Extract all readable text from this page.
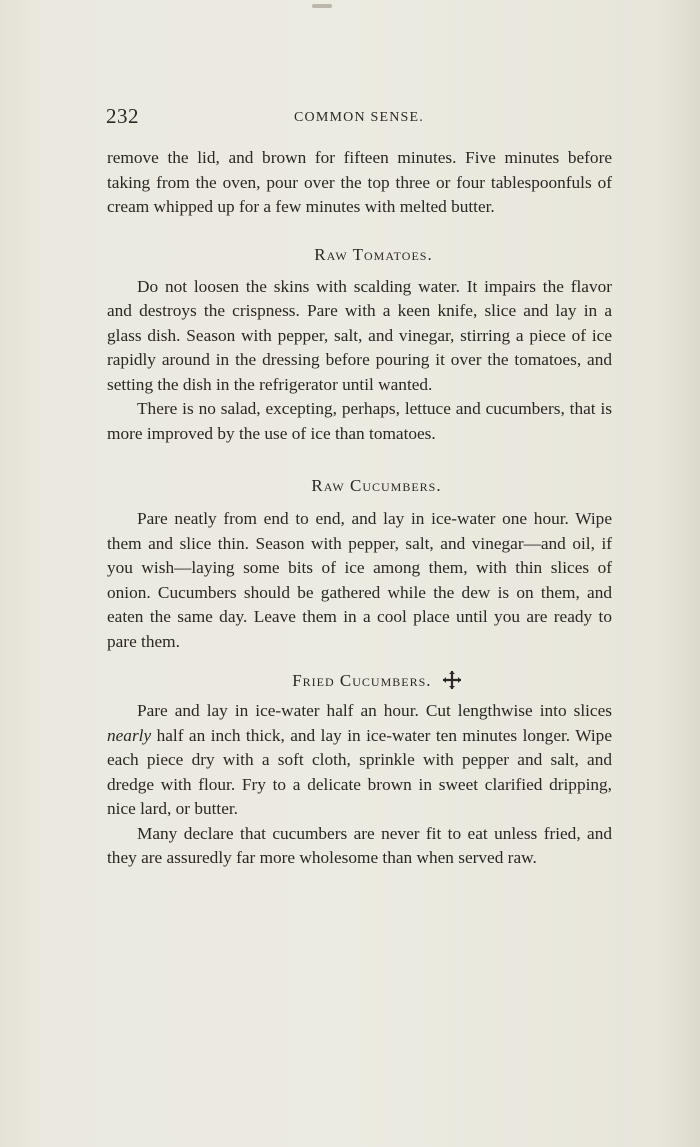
232	COMMON SENSE.

remove the lid, and brown for fifteen minutes. Five minutes before taking from the oven, pour over the top three or four tablespoonfuls of cream whipped up for a few minutes with melted butter.

Raw Tomatoes.

Do not loosen the skins with scalding water. It impairs the flavor and destroys the crispness. Pare with a keen knife, slice and lay in a glass dish. Season with pepper, salt, and vinegar, stirring a piece of ice rapidly around in the dressing before pouring it over the tomatoes, and setting the dish in the refrigerator until wanted.

There is no salad, excepting, perhaps, lettuce and cucumbers, that is more improved by the use of ice than tomatoes.

Raw Cucumbers.

Pare neatly from end to end, and lay in ice-water one hour. Wipe them and slice thin. Season with pepper, salt, and vinegar—and oil, if you wish—laying some bits of ice among them, with thin slices of onion. Cucumbers should be gathered while the dew is on them, and eaten the same day. Leave them in a cool place until you are ready to pare them.

Fried Cucumbers.

Pare and lay in ice-water half an hour. Cut lengthwise into slices nearly half an inch thick, and lay in ice-water ten minutes longer. Wipe each piece dry with a soft cloth, sprinkle with pepper and salt, and dredge with flour. Fry to a delicate brown in sweet clarified dripping, nice lard, or butter.

Many declare that cucumbers are never fit to eat unless fried, and they are assuredly far more wholesome than when served raw.
